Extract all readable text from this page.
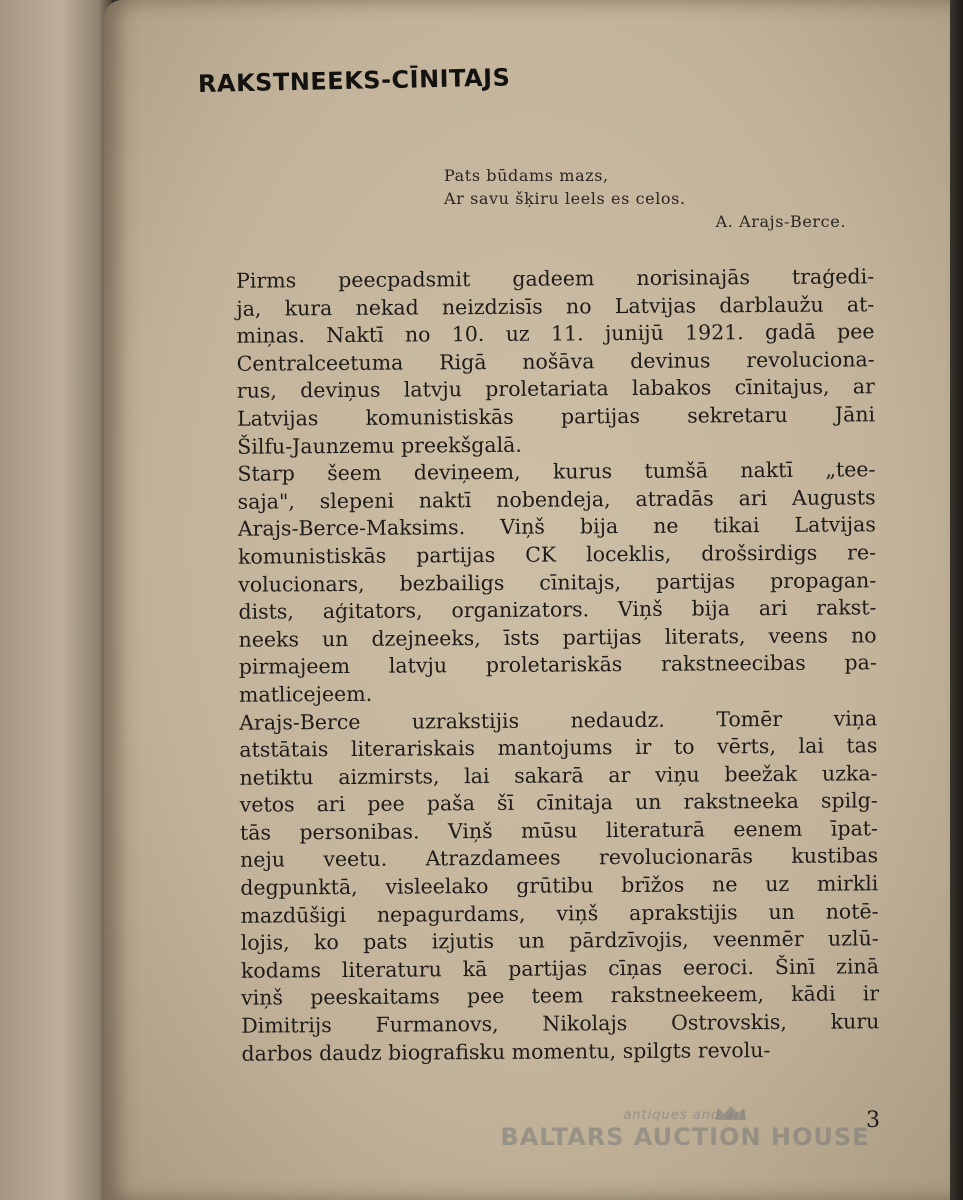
RAKSTNEEKS-CĪNITAJS
Pats būdams mazs,
Ar savu šķiru leels es celos.
A. Arajs-Berce.

Pirms peecpadsmit gadeem norisinajās traģedi-
ja, kura nekad neizdzisīs no Latvijas darblaužu at-
miņas. Naktī no 10. uz 11. junijū 1921. gadā pee
Centralceetuma Rigā nošāva devinus revoluciona-
rus, deviņus latvju proletariata labakos cīnitajus, ar
Latvijas komunistiskās partijas sekretaru Jāni
Šilfu-Jaunzemu preekšgalā.

Starp šeem deviņeem, kurus tumšā naktī „tee-
saja", slepeni naktī nobendeja, atradās ari Augusts
Arajs-Berce-Maksims. Viņš bija ne tikai Latvijas
komunistiskās partijas CK loceklis, drošsirdigs re-
volucionars, bezbailigs cīnitajs, partijas propagan-
dists, aģitators, organizators. Viņš bija ari rakst-
neeks un dzejneeks, īsts partijas literats, veens no
pirmajeem latvju proletariskās rakstneecibas pa-
matlicejeem.

Arajs-Berce uzrakstijis nedaudz. Tomēr viņa
atstātais literariskais mantojums ir to vērts, lai tas
netiktu aizmirsts, lai sakarā ar viņu beežak uzka-
vetos ari pee paša šī cīnitaja un rakstneeka spilg-
tās personibas. Viņš mūsu literaturā eenem īpat-
neju veetu. Atrazdamees revolucionarās kustibas
degpunktā, visleelako grūtibu brīžos ne uz mirkli
mazdūšigi nepagurdams, viņš aprakstijis un notē-
lojis, ko pats izjutis un pārdzīvojis, veenmēr uzlū-
kodams literaturu kā partijas cīņas eeroci. Šinī zinā
viņš peeskaitams pee teem rakstneekeem, kādi ir
Dimitrijs Furmanovs, Nikolajs Ostrovskis, kuru
darbos daudz biografisku momentu, spilgts revolu-

3
antiques and art
BALTARS AUCTION HOUSE
